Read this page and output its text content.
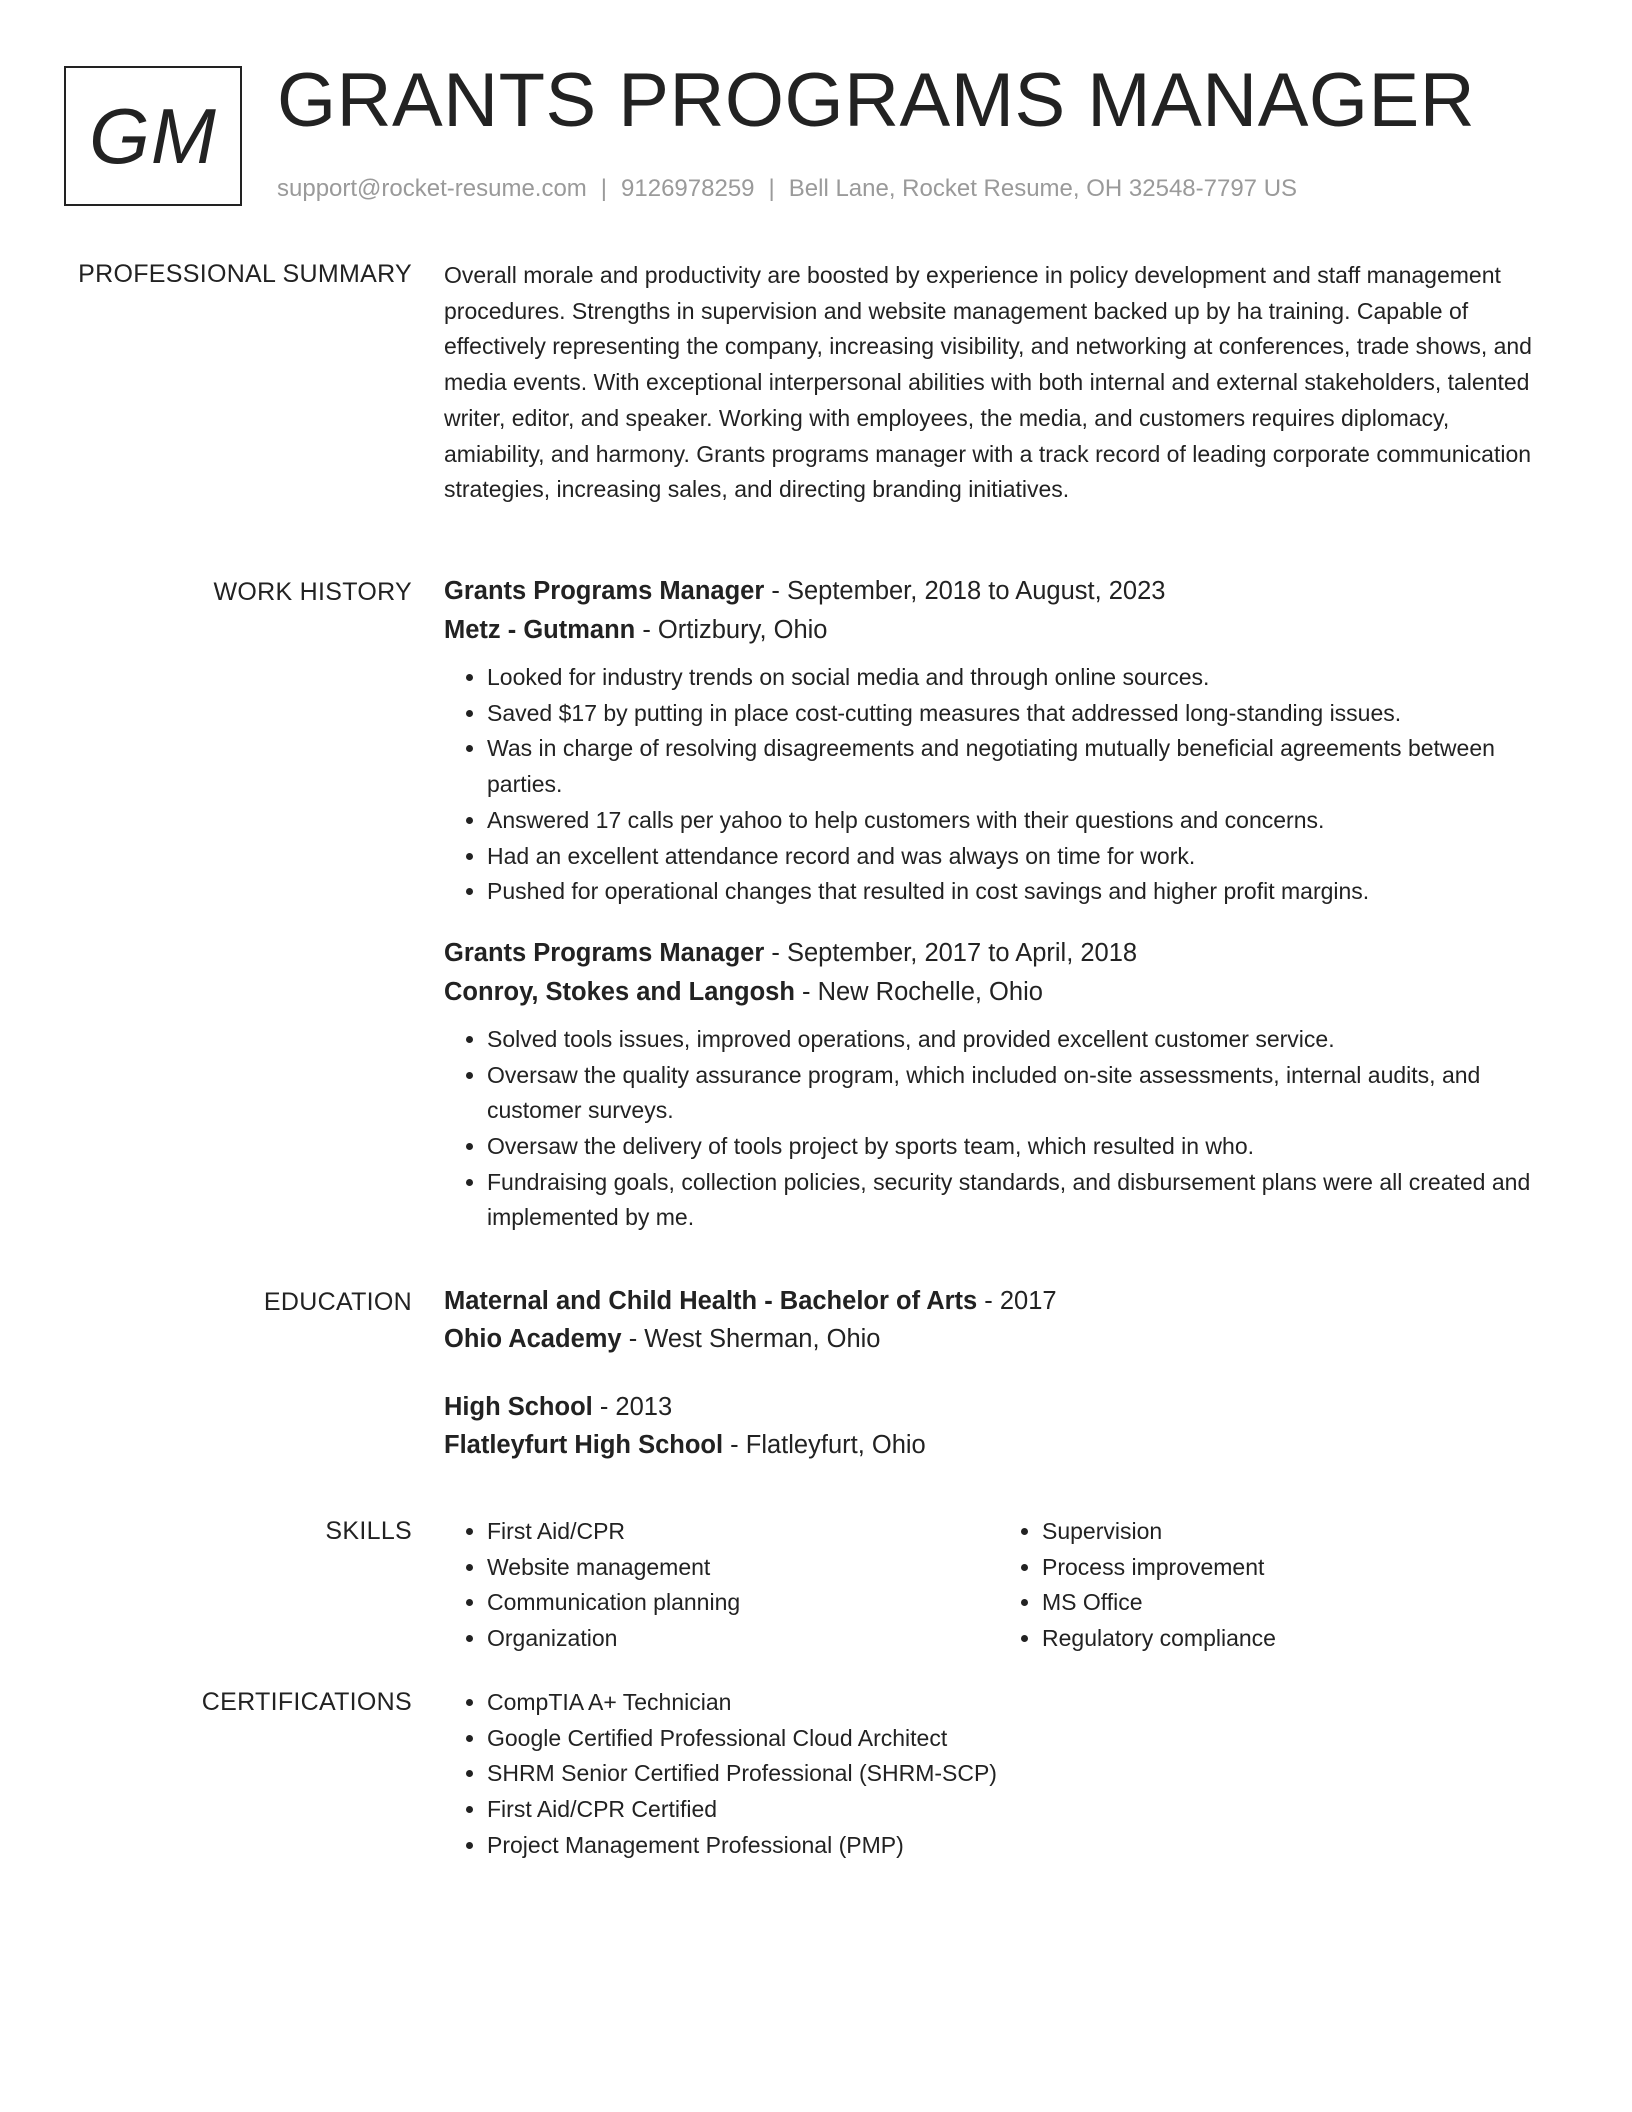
GM GRANTS PROGRAMS MANAGER
support@rocket-resume.com | 9126978259 | Bell Lane, Rocket Resume, OH 32548-7797 US
PROFESSIONAL SUMMARY Overall morale and productivity are boosted by experience in policy development and staff management procedures. Strengths in supervision and website management backed up by ha training. Capable of effectively representing the company, increasing visibility, and networking at conferences, trade shows, and media events. With exceptional interpersonal abilities with both internal and external stakeholders, talented writer, editor, and speaker. Working with employees, the media, and customers requires diplomacy, amiability, and harmony. Grants programs manager with a track record of leading corporate communication strategies, increasing sales, and directing branding initiatives.

WORK HISTORY Grants Programs Manager - September, 2018 to August, 2023

Metz - Gutmann - Ortizbury, Ohio

• Looked for industry trends on social media and through online sources.
• Saved $17 by putting in place cost-cutting measures that addressed long-standing issues.
• Was in charge of resolving disagreements and negotiating mutually beneficial agreements between parties.
• Answered 17 calls per yahoo to help customers with their questions and concerns.
• Had an excellent attendance record and was always on time for work.
• Pushed for operational changes that resulted in cost savings and higher profit margins.

Grants Programs Manager - September, 2017 to April, 2018

Conroy, Stokes and Langosh - New Rochelle, Ohio

• Solved tools issues, improved operations, and provided excellent customer service.
• Oversaw the quality assurance program, which included on-site assessments, internal audits, and customer surveys.
• Oversaw the delivery of tools project by sports team, which resulted in who.
• Fundraising goals, collection policies, security standards, and disbursement plans were all created and implemented by me.
EDUCATION Maternal and Child Health - Bachelor of Arts - 2017

Ohio Academy - West Sherman, Ohio

High School - 2013

Flatleyfurt High School - Flatleyfurt, Ohio

SKILLS	• First Aid/CPR
• Website management
• Communication planning
• Organization
• Supervision
• Process improvement
• MS Office
• Regulatory compliance
CERTIFICATIONS	• CompTIA A+ Technician
• Google Certified Professional Cloud Architect
• SHRM Senior Certified Professional (SHRM-SCP)
• First Aid/CPR Certified
• Project Management Professional (PMP)
